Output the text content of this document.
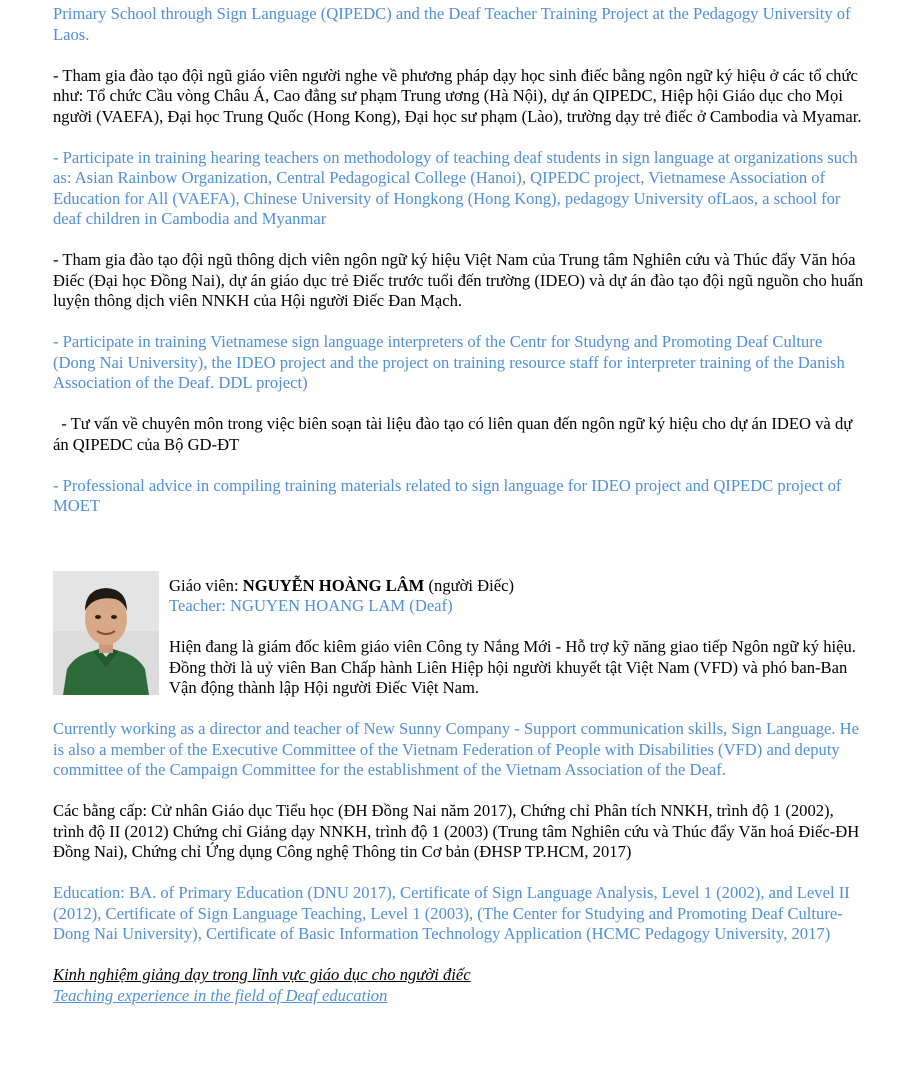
Primary School through Sign Language (QIPEDC) and the Deaf Teacher Training Project at the Pedagogy University of Laos.

- Tham gia đào tạo đội ngũ giáo viên người nghe về phương pháp dạy học sinh điếc bằng ngôn ngữ ký hiệu ở các tổ chức như: Tổ chức Cầu vòng Châu Á, Cao đẳng sư phạm Trung ương (Hà Nội), dự án QIPEDC, Hiệp hội Giáo dục cho Mọi người (VAEFA), Đại học Trung Quốc (Hong Kong), Đại học sư phạm (Lào), trường dạy trẻ điếc ở Cambodia và Myamar.

- Participate in training hearing teachers on methodology of teaching deaf students in sign language at organizations such as: Asian Rainbow Organization, Central Pedagogical College (Hanoi), QIPEDC project, Vietnamese Association of Education for All (VAEFA), Chinese University of Hongkong (Hong Kong), pedagogy University ofLaos, a school for deaf children in Cambodia and Myanmar

- Tham gia đào tạo đội ngũ thông dịch viên ngôn ngữ ký hiệu Việt Nam của Trung tâm Nghiên cứu và Thúc đẩy Văn hóa Điếc (Đại học Đồng Nai), dự án giáo dục trẻ Điếc trước tuổi đến trường (IDEO) và dự án đào tạo đội ngũ nguồn cho huấn luyện thông dịch viên NNKH của Hội người Điếc Đan Mạch.

- Participate in training Vietnamese sign language interpreters of the Centr for Studyng and Promoting Deaf Culture (Dong Nai University), the IDEO project and the project on training resource staff for interpreter training of the Danish Association of the Deaf. DDL project)

- Tư vấn về chuyên môn trong việc biên soạn tài liệu đào tạo có liên quan đến ngôn ngữ ký hiệu cho dự án IDEO và dự án QIPEDC của Bộ GD-ĐT

- Professional advice in compiling training materials related to sign language for IDEO project and QIPEDC project of MOET

Giáo viên: NGUYỄN HOÀNG LÂM (người Điếc)
Teacher: NGUYEN HOANG LAM (Deaf)

Hiện đang là giám đốc kiêm giáo viên Công ty Nắng Mới - Hỗ trợ kỹ năng giao tiếp Ngôn ngữ ký hiệu. Đồng thời là uỷ viên Ban Chấp hành Liên Hiệp hội người khuyết tật Việt Nam (VFD) và phó ban-Ban Vận động thành lập Hội người Điếc Việt Nam.

Currently working as a director and teacher of New Sunny Company - Support communication skills, Sign Language. He is also a member of the Executive Committee of the Vietnam Federation of People with Disabilities (VFD) and deputy committee of the Campaign Committee for the establishment of the Vietnam Association of the Deaf.

Các bằng cấp: Cử nhân Giáo dục Tiểu học (ĐH Đồng Nai năm 2017), Chứng chỉ Phân tích NNKH, trình độ 1 (2002), trình độ II (2012) Chứng chỉ Giảng dạy NNKH, trình độ 1 (2003) (Trung tâm Nghiên cứu và Thúc đẩy Văn hoá Điếc-ĐH Đồng Nai), Chứng chỉ Ứng dụng Công nghệ Thông tin Cơ bản (ĐHSP TP.HCM, 2017)

Education: BA. of Primary Education (DNU 2017), Certificate of Sign Language Analysis, Level 1 (2002), and Level II (2012), Certificate of Sign Language Teaching, Level 1 (2003), (The Center for Studying and Promoting Deaf Culture-Dong Nai University), Certificate of Basic Information Technology Application (HCMC Pedagogy University, 2017)

Kinh nghiệm giảng dạy trong lĩnh vực giáo dục cho người điếc

Teaching experience in the field of Deaf education
